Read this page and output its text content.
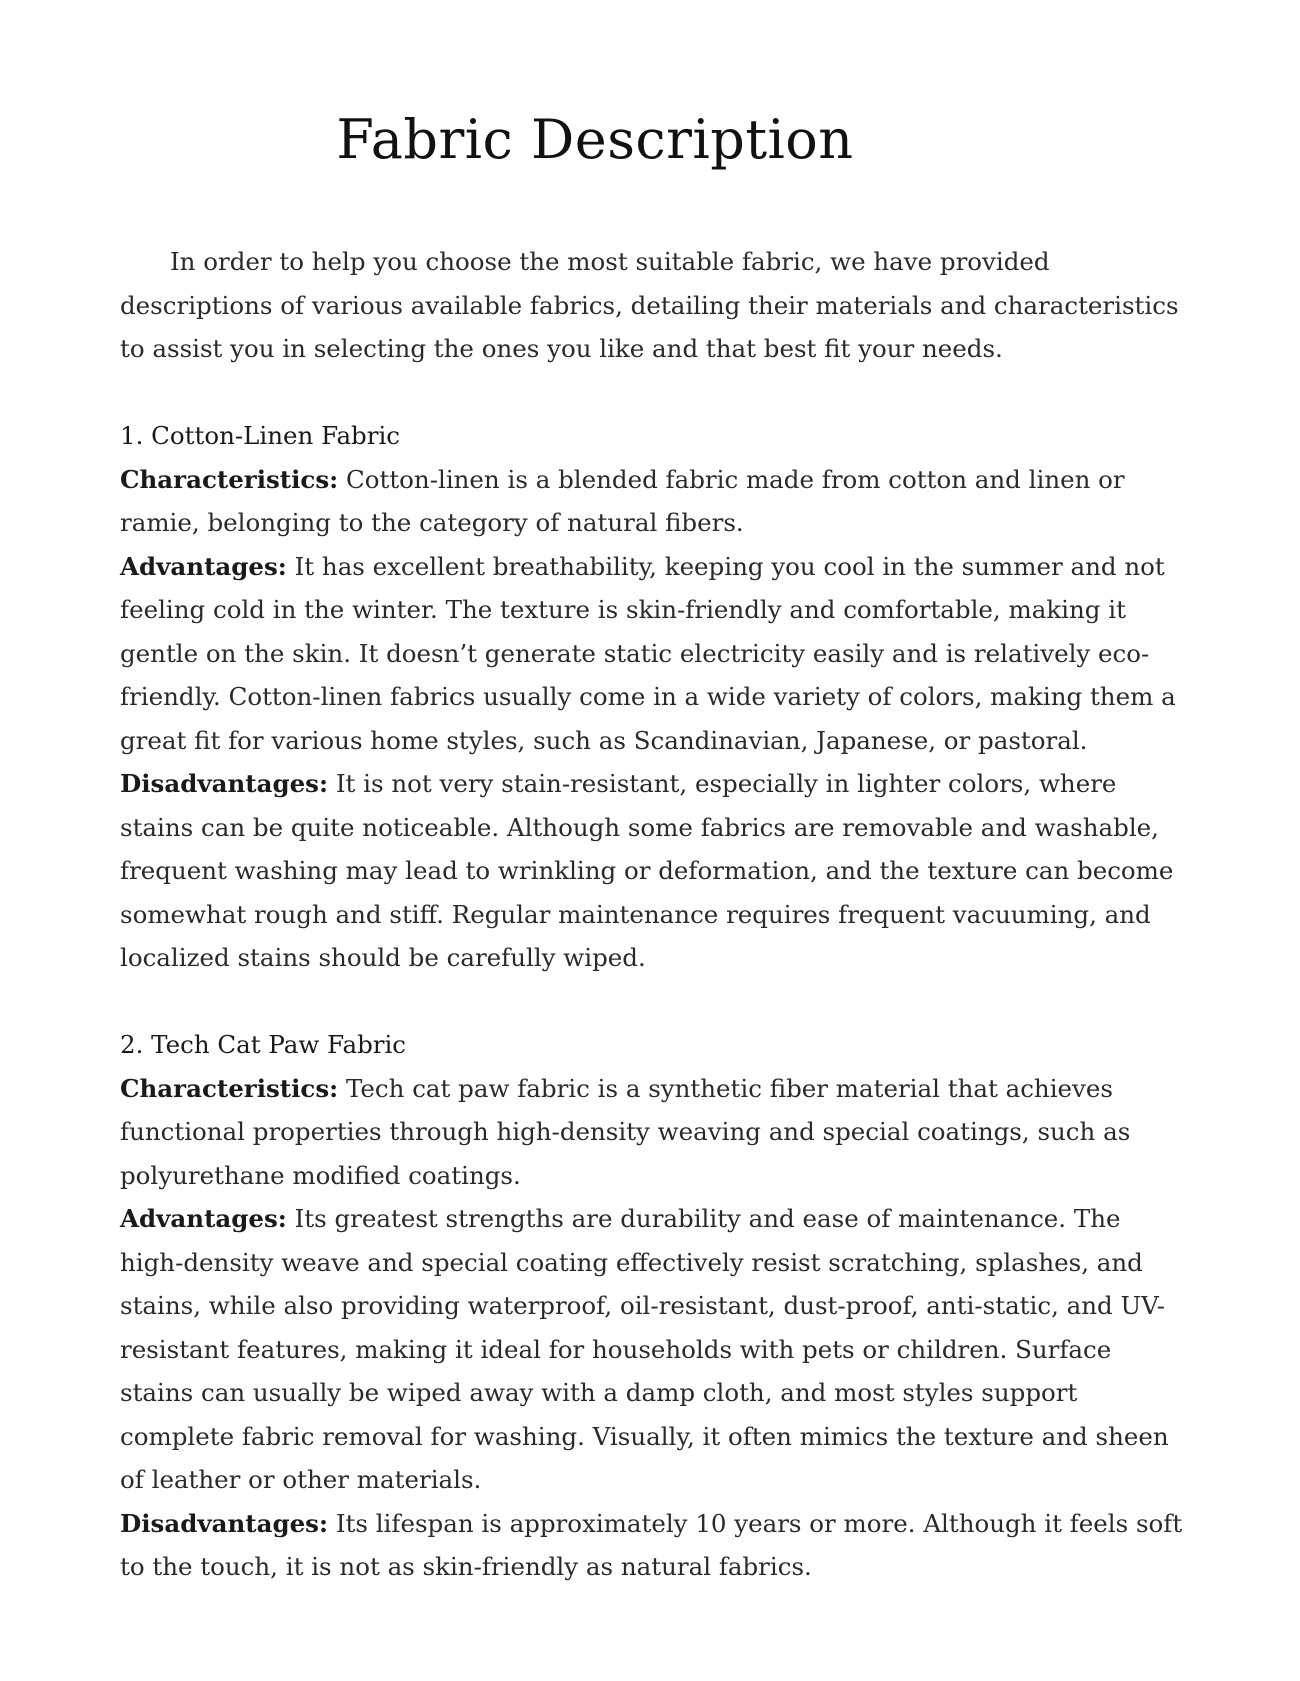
Fabric Description

In order to help you choose the most suitable fabric, we have provided descriptions of various available fabrics, detailing their materials and characteristics to assist you in selecting the ones you like and that best fit your needs.

1. Cotton-Linen Fabric

Characteristics: Cotton-linen is a blended fabric made from cotton and linen or ramie, belonging to the category of natural fibers.

Advantages: It has excellent breathability, keeping you cool in the summer and not feeling cold in the winter. The texture is skin-friendly and comfortable, making it gentle on the skin. It doesn’t generate static electricity easily and is relatively eco-friendly. Cotton-linen fabrics usually come in a wide variety of colors, making them a great fit for various home styles, such as Scandinavian, Japanese, or pastoral.

Disadvantages: It is not very stain-resistant, especially in lighter colors, where stains can be quite noticeable. Although some fabrics are removable and washable, frequent washing may lead to wrinkling or deformation, and the texture can become somewhat rough and stiff. Regular maintenance requires frequent vacuuming, and localized stains should be carefully wiped.

2. Tech Cat Paw Fabric

Characteristics: Tech cat paw fabric is a synthetic fiber material that achieves functional properties through high-density weaving and special coatings, such as polyurethane modified coatings.

Advantages: Its greatest strengths are durability and ease of maintenance. The high-density weave and special coating effectively resist scratching, splashes, and stains, while also providing waterproof, oil-resistant, dust-proof, anti-static, and UV-resistant features, making it ideal for households with pets or children. Surface stains can usually be wiped away with a damp cloth, and most styles support complete fabric removal for washing. Visually, it often mimics the texture and sheen of leather or other materials.

Disadvantages: Its lifespan is approximately 10 years or more. Although it feels soft to the touch, it is not as skin-friendly as natural fabrics.
